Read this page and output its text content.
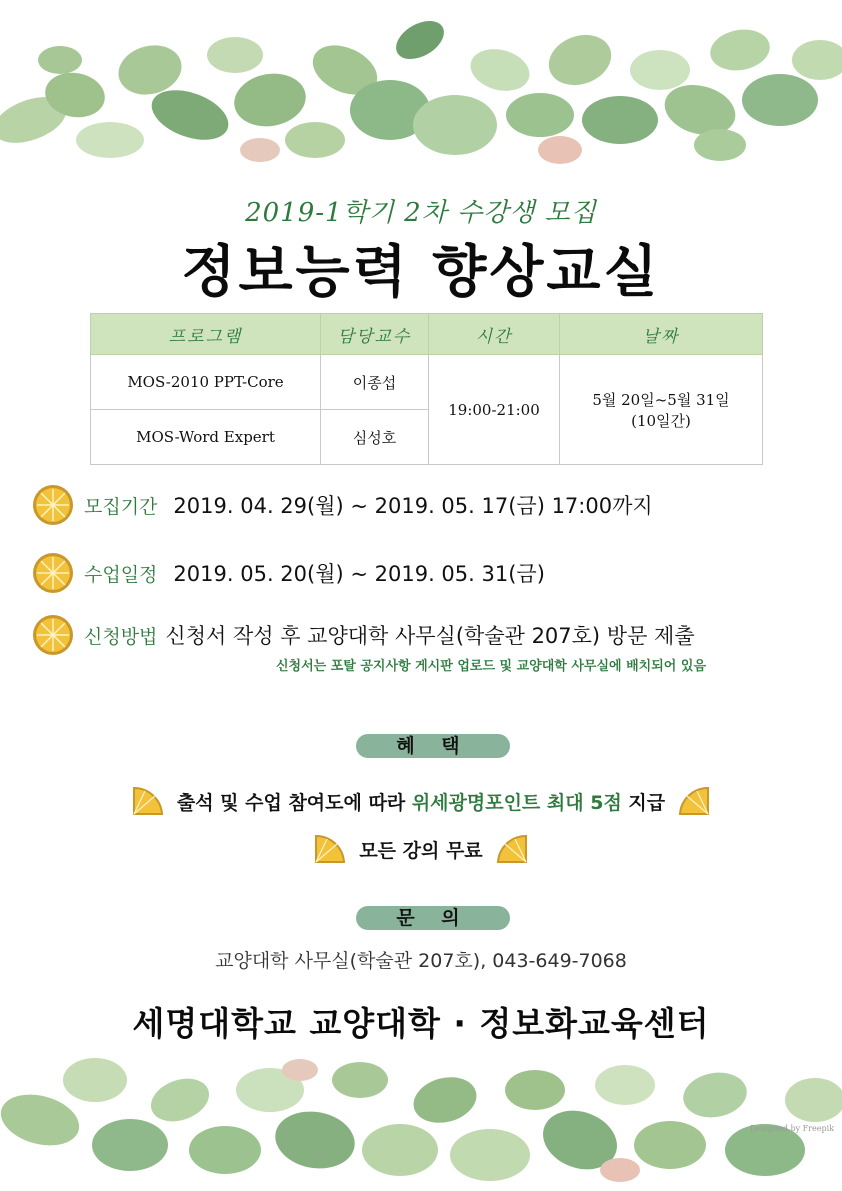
2019-1학기 2차 수강생 모집
정보능력 향상교실
프로그램	담당교수	시간	날짜
MOS-2010 PPT-Core	이종섭	19:00-21:00	5월 20일~5월 31일
(10일간)

MOS-Word Expert	심성호		
모집기간 2019. 04. 29(월) ~ 2019. 05. 17(금) 17:00까지
수업일정 2019. 05. 20(월) ~ 2019. 05. 31(금)
신청방법 신청서 작성 후 교양대학 사무실(학술관 207호) 방문 제출
신청서는 포탈 공지사항 게시판 업로드 및 교양대학 사무실에 배치되어 있음
혜 택
출석 및 수업 참여도에 따라 위세광명포인트 최대 5점 지급
모든 강의 무료
문 의
교양대학 사무실(학술관 207호), 043-649-7068
세명대학교 교양대학 · 정보화교육센터
Designed by Freepik
